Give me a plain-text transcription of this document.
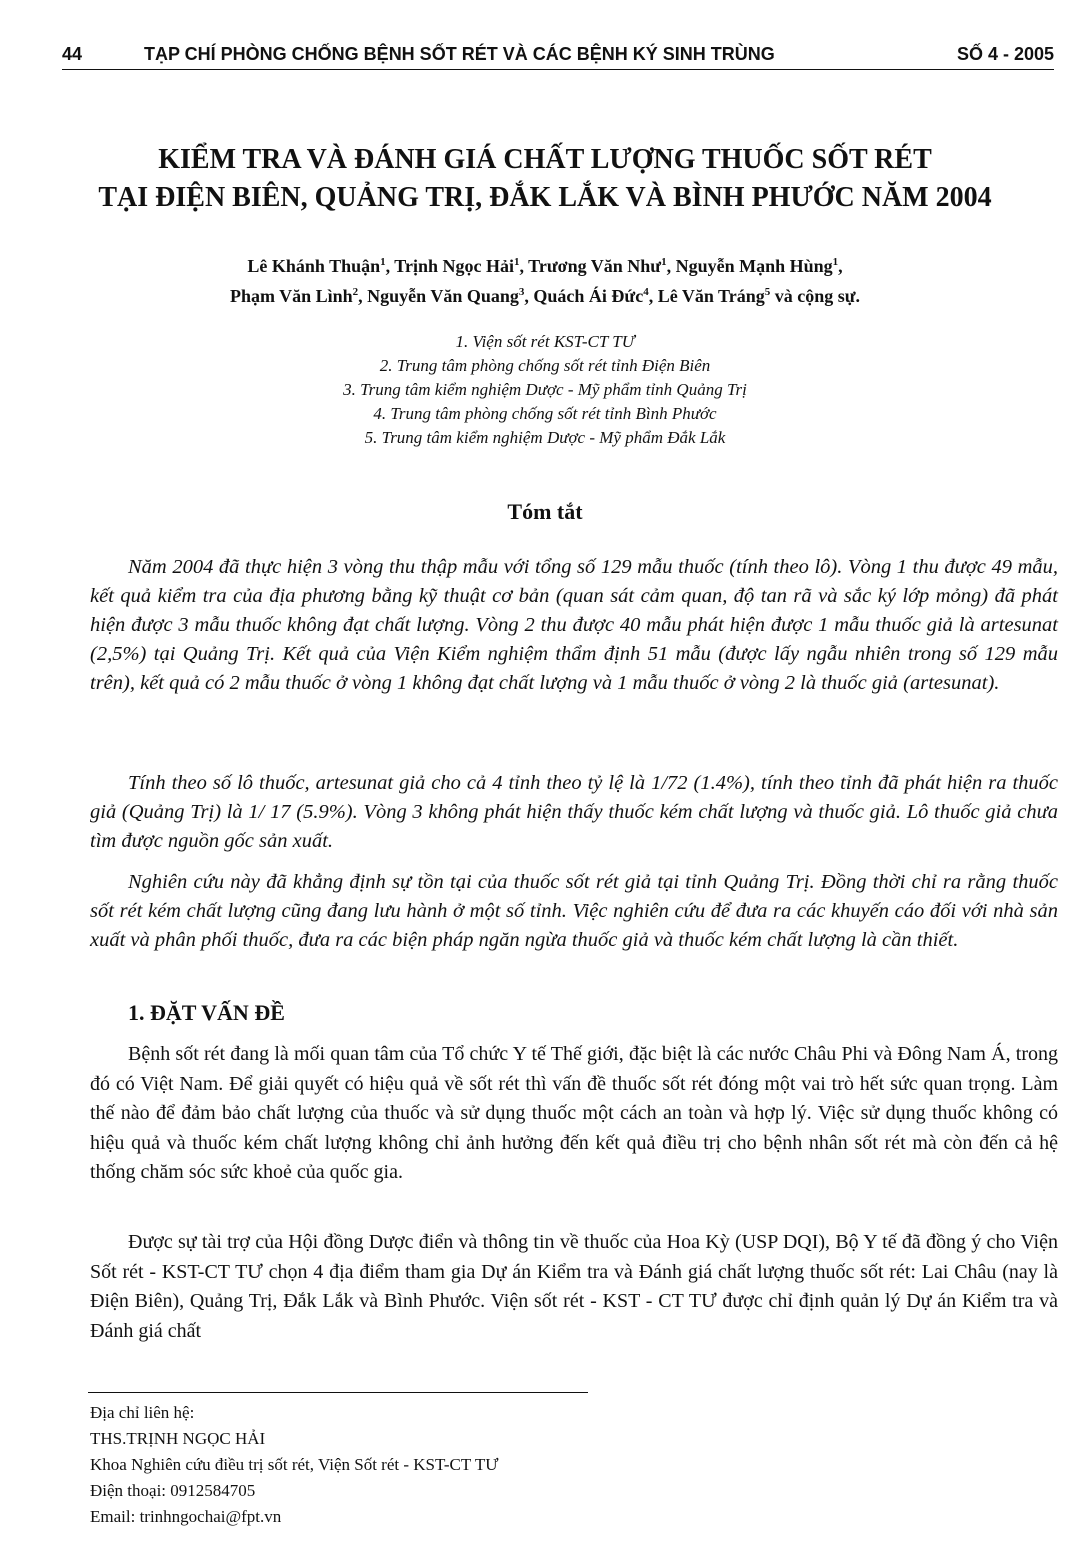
44	TẠP CHÍ PHÒNG CHỐNG BỆNH SỐT RÉT VÀ CÁC BỆNH KÝ SINH TRÙNG	SỐ 4 - 2005
KIỂM TRA VÀ ĐÁNH GIÁ CHẤT LƯỢNG THUỐC SỐT RÉT
TẠI ĐIỆN BIÊN, QUẢNG TRỊ, ĐẮK LẮK VÀ BÌNH PHƯỚC NĂM 2004
Lê Khánh Thuận$^1$, Trịnh Ngọc Hải$^1$, Trương Văn Như$^1$, Nguyễn Mạnh Hùng$^1$,
Phạm Văn Lình$^2$, Nguyễn Văn Quang$^3$, Quách Ái Đức$^4$, Lê Văn Tráng$^5$ và cộng sự.
1. Viện sốt rét KST-CT TƯ
2. Trung tâm phòng chống sốt rét tỉnh Điện Biên
3. Trung tâm kiểm nghiệm Dược - Mỹ phẩm tỉnh Quảng Trị
4. Trung tâm phòng chống sốt rét tỉnh Bình Phước
5. Trung tâm kiểm nghiệm Dược - Mỹ phẩm Đắk Lắk
Tóm tắt

Năm 2004 đã thực hiện 3 vòng thu thập mẫu với tổng số 129 mẫu thuốc (tính theo lô). Vòng 1 thu được 49 mẫu, kết quả kiểm tra của địa phương bằng kỹ thuật cơ bản (quan sát cảm quan, độ tan rã và sắc ký lớp mỏng) đã phát hiện được 3 mẫu thuốc không đạt chất lượng. Vòng 2 thu được 40 mẫu phát hiện được 1 mẫu thuốc giả là artesunat (2,5%) tại Quảng Trị. Kết quả của Viện Kiểm nghiệm thẩm định 51 mẫu (được lấy ngẫu nhiên trong số 129 mẫu trên), kết quả có 2 mẫu thuốc ở vòng 1 không đạt chất lượng và 1 mẫu thuốc ở vòng 2 là thuốc giả (artesunat).

Tính theo số lô thuốc, artesunat giả cho cả 4 tỉnh theo tỷ lệ là 1/72 (1.4%), tính theo tỉnh đã phát hiện ra thuốc giả (Quảng Trị) là 1/ 17 (5.9%). Vòng 3 không phát hiện thấy thuốc kém chất lượng và thuốc giả. Lô thuốc giả chưa tìm được nguồn gốc sản xuất.

Nghiên cứu này đã khẳng định sự tồn tại của thuốc sốt rét giả tại tỉnh Quảng Trị. Đồng thời chỉ ra rằng thuốc sốt rét kém chất lượng cũng đang lưu hành ở một số tỉnh. Việc nghiên cứu để đưa ra các khuyến cáo đối với nhà sản xuất và phân phối thuốc, đưa ra các biện pháp ngăn ngừa thuốc giả và thuốc kém chất lượng là cần thiết.

1. ĐẶT VẤN ĐỀ

Bệnh sốt rét đang là mối quan tâm của Tổ chức Y tế Thế giới, đặc biệt là các nước Châu Phi và Đông Nam Á, trong đó có Việt Nam. Để giải quyết có hiệu quả về sốt rét thì vấn đề thuốc sốt rét đóng một vai trò hết sức quan trọng. Làm thế nào để đảm bảo chất lượng của thuốc và sử dụng thuốc một cách an toàn và hợp lý. Việc sử dụng thuốc không có hiệu quả và thuốc kém chất lượng không chỉ ảnh hưởng đến kết quả điều trị cho bệnh nhân sốt rét mà còn đến cả hệ thống chăm sóc sức khoẻ của quốc gia.

Được sự tài trợ của Hội đồng Dược điển và thông tin về thuốc của Hoa Kỳ (USP DQI), Bộ Y tế đã đồng ý cho Viện Sốt rét - KST-CT TƯ chọn 4 địa điểm tham gia Dự án Kiểm tra và Đánh giá chất lượng thuốc sốt rét: Lai Châu (nay là Điện Biên), Quảng Trị, Đắk Lắk và Bình Phước. Viện sốt rét - KST - CT TƯ được chỉ định quản lý Dự án Kiểm tra và Đánh giá chất

Địa chỉ liên hệ:
THS.TRỊNH NGỌC HẢI
Khoa Nghiên cứu điều trị sốt rét, Viện Sốt rét - KST-CT TƯ
Điện thoại: 0912584705
Email: trinhngochai@fpt.vn
